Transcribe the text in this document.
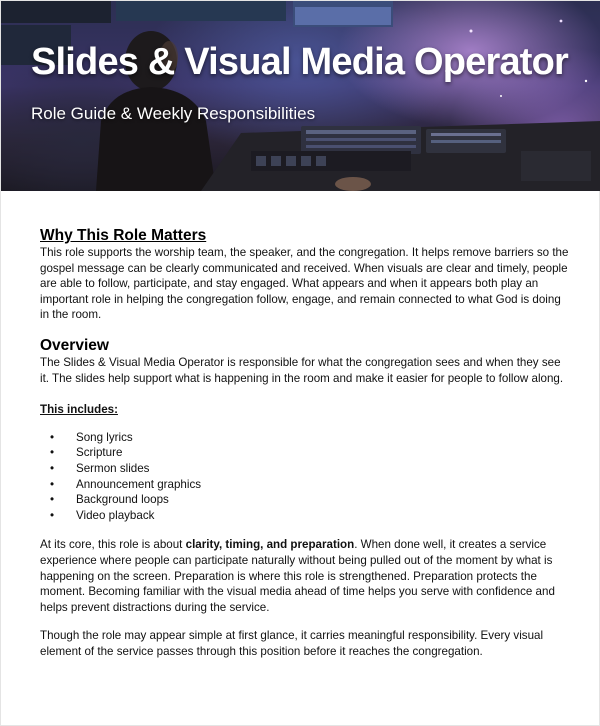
Slides & Visual Media Operator
Role Guide & Weekly Responsibilities
Why This Role Matters

This role supports the worship team, the speaker, and the congregation. It helps remove barriers so the gospel message can be clearly communicated and received. When visuals are clear and timely, people are able to follow, participate, and stay engaged. What appears and when it appears both play an important role in helping the congregation follow, engage, and remain connected to what God is doing in the room.

Overview

The Slides & Visual Media Operator is responsible for what the congregation sees and when they see it. The slides help support what is happening in the room and make it easier for people to follow along.

This includes:
• Song lyrics
• Scripture
• Sermon slides
• Announcement graphics
• Background loops
• Video playback

At its core, this role is about clarity, timing, and preparation. When done well, it creates a service experience where people can participate naturally without being pulled out of the moment by what is happening on the screen. Preparation is where this role is strengthened. Preparation protects the moment. Becoming familiar with the visual media ahead of time helps you serve with confidence and helps prevent distractions during the service.

Though the role may appear simple at first glance, it carries meaningful responsibility. Every visual element of the service passes through this position before it reaches the congregation.
